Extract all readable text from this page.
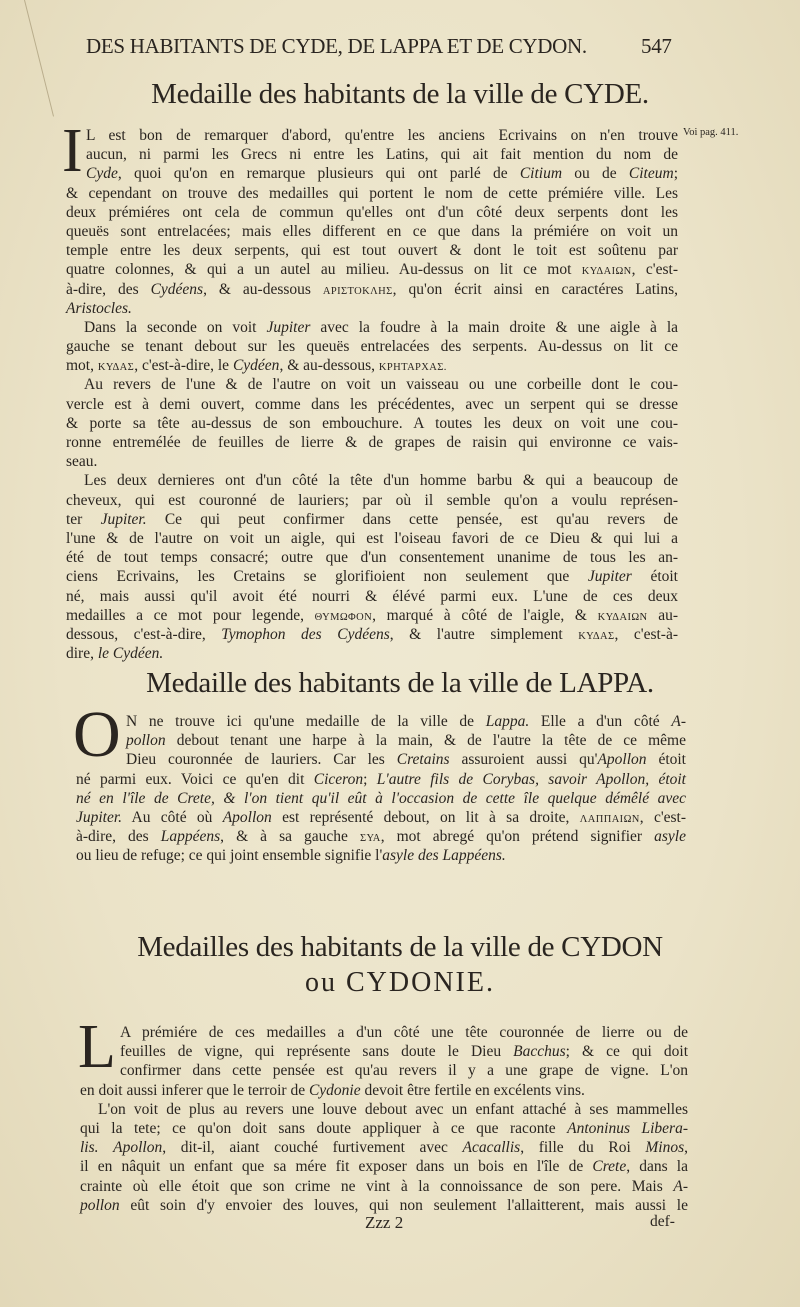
DES HABITANTS DE CYDE, DE LAPPA ET DE CYDON.	547
Voi pag. 411.
Medaille des habitants de la ville de CYDE.
I L est bon de remarquer d'abord, qu'entre les anciens Ecrivains on n'en trouve
aucun, ni parmi les Grecs ni entre les Latins, qui ait fait mention du nom de
Cyde, quoi qu'on en remarque plusieurs qui ont parlé de Citium ou de Citeum;
& cependant on trouve des medailles qui portent le nom de cette prémiére ville. Les
deux prémiéres ont cela de commun qu'elles ont d'un côté deux serpents dont les
queuës sont entrelacées; mais elles different en ce que dans la prémiére on voit un
temple entre les deux serpents, qui est tout ouvert & dont le toit est soûtenu par
quatre colonnes, & qui a un autel au milieu. Au-dessus on lit ce mot ΚΥΔΑΙΩΝ, c'est-
à-dire, des Cydéens, & au-dessous ΑΡΙΣΤΟΚΛΗΣ, qu'on écrit ainsi en caractéres Latins,
Aristocles.
Dans la seconde on voit Jupiter avec la foudre à la main droite & une aigle à la
gauche se tenant debout sur les queuës entrelacées des serpents. Au-dessus on lit ce
mot, ΚΥΔΑΣ, c'est-à-dire, le Cydéen, & au-dessous, ΚΡΗΤΑΡΧΑΣ.
Au revers de l'une & de l'autre on voit un vaisseau ou une corbeille dont le cou-
vercle est à demi ouvert, comme dans les précédentes, avec un serpent qui se dresse
& porte sa tête au-dessus de son embouchure. A toutes les deux on voit une cou-
ronne entremélée de feuilles de lierre & de grapes de raisin qui environne ce vais-
seau.
Les deux dernieres ont d'un côté la tête d'un homme barbu & qui a beaucoup de
cheveux, qui est couronné de lauriers; par où il semble qu'on a voulu représen-
ter Jupiter. Ce qui peut confirmer dans cette pensée, est qu'au revers de
l'une & de l'autre on voit un aigle, qui est l'oiseau favori de ce Dieu & qui lui a
été de tout temps consacré; outre que d'un consentement unanime de tous les an-
ciens Ecrivains, les Cretains se glorifioient non seulement que Jupiter étoit
né, mais aussi qu'il avoit été nourri & élévé parmi eux. L'une de ces deux
medailles a ce mot pour legende, ΘΥΜΩΦΟΝ, marqué à côté de l'aigle, & ΚΥΔΑΙΩΝ au-
dessous, c'est-à-dire, Tymophon des Cydéens, & l'autre simplement ΚΥΔΑΣ, c'est-à-
dire, le Cydéen.
Medaille des habitants de la ville de LAPPA.
O N ne trouve ici qu'une medaille de la ville de Lappa. Elle a d'un côté A-
pollon debout tenant une harpe à la main, & de l'autre la tête de ce même
Dieu couronnée de lauriers. Car les Cretains assuroient aussi qu'Apollon étoit
né parmi eux. Voici ce qu'en dit Ciceron; L'autre fils de Corybas, savoir Apollon, étoit
né en l'île de Crete, & l'on tient qu'il eût à l'occasion de cette île quelque démêlé avec
Jupiter. Au côté où Apollon est représenté debout, on lit à sa droite, ΛΑΠΠΑΙΩΝ, c'est-
à-dire, des Lappéens, & à sa gauche ΣΥΑ, mot abregé qu'on prétend signifier asyle
ou lieu de refuge; ce qui joint ensemble signifie l'asyle des Lappéens.
Medailles des habitants de la ville de CYDON
ou CYDONIE.
L A prémiére de ces medailles a d'un côté une tête couronnée de lierre ou de
feuilles de vigne, qui représente sans doute le Dieu Bacchus; & ce qui doit
confirmer dans cette pensée est qu'au revers il y a une grape de vigne. L'on
en doit aussi inferer que le terroir de Cydonie devoit être fertile en excélents vins.
L'on voit de plus au revers une louve debout avec un enfant attaché à ses mammelles
qui la tete; ce qu'on doit sans doute appliquer à ce que raconte Antoninus Libera-
lis. Apollon, dit-il, aiant couché furtivement avec Acacallis, fille du Roi Minos,
il en nâquit un enfant que sa mére fit exposer dans un bois en l'île de Crete, dans la
crainte où elle étoit que son crime ne vint à la connoissance de son pere. Mais A-
pollon eût soin d'y envoier des louves, qui non seulement l'allaitterent, mais aussi le
Zzz 2	def-
